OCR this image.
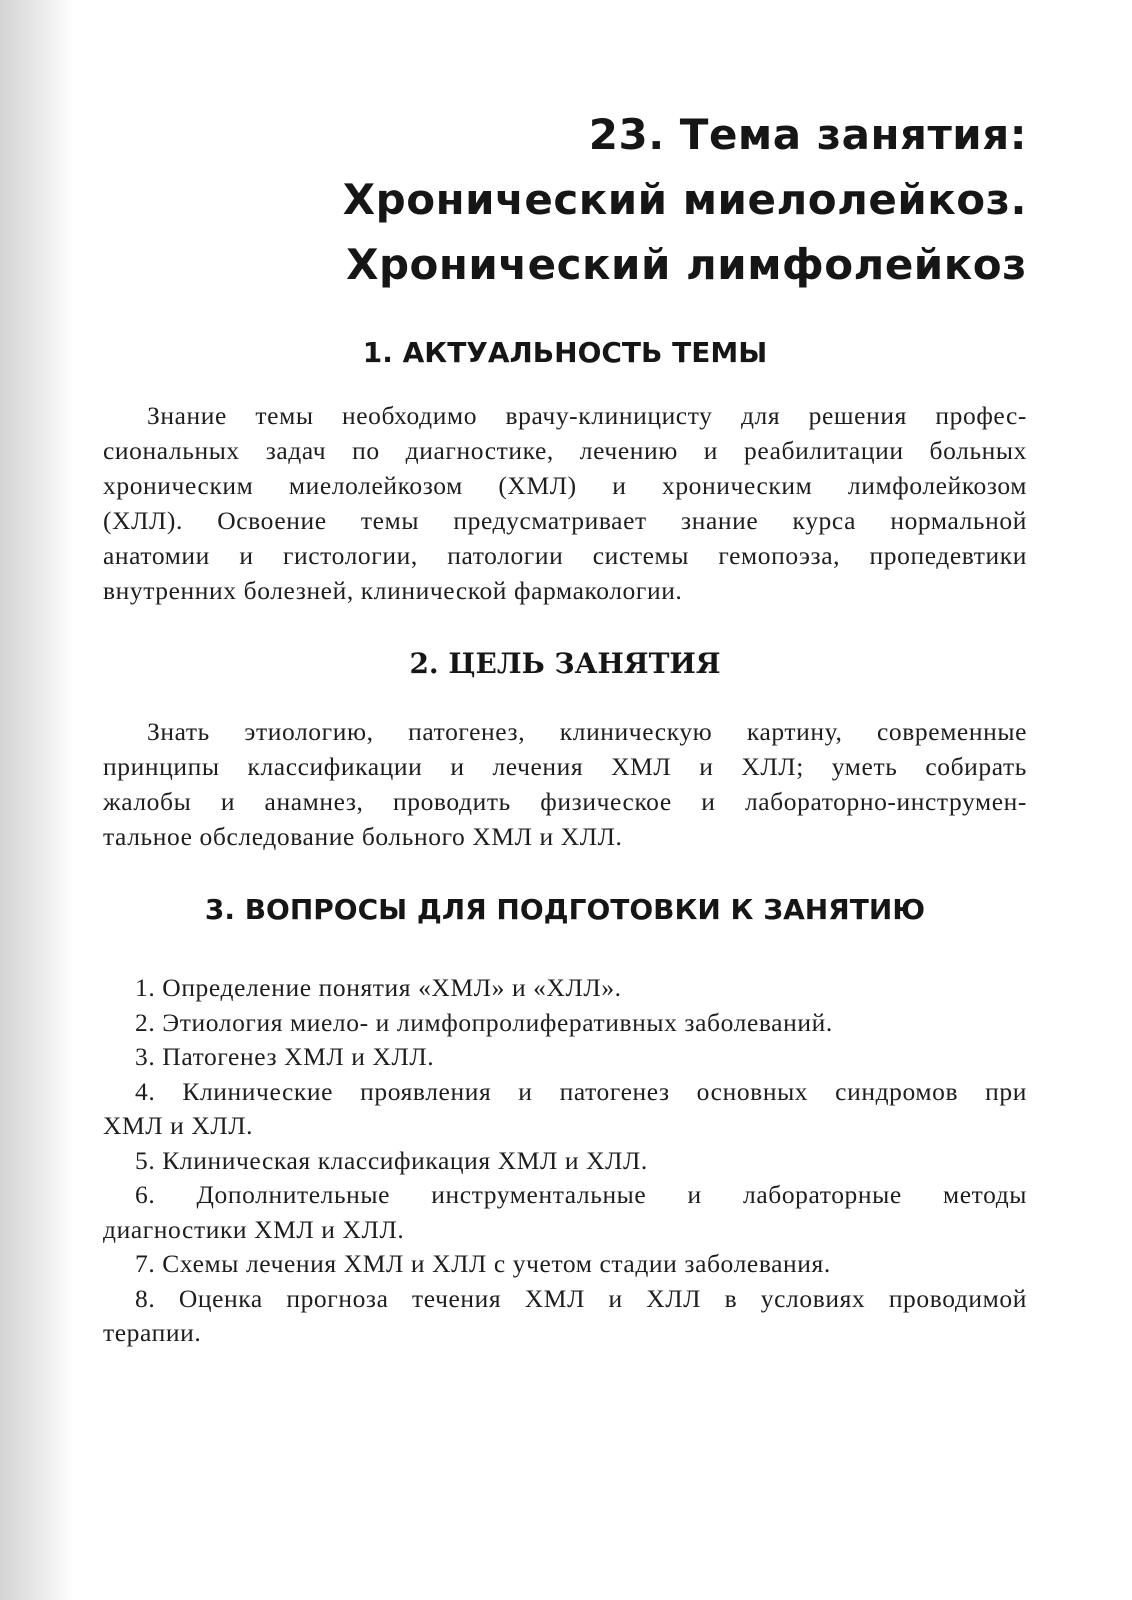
23. Тема занятия:
Хронический миелолейкоз.
Хронический лимфолейкоз
1. АКТУАЛЬНОСТЬ ТЕМЫ
Знание темы необходимо врачу-клиницисту для решения профес-
сиональных задач по диагностике, лечению и реабилитации больных
хроническим миелолейкозом (ХМЛ) и хроническим лимфолейкозом
(ХЛЛ). Освоение темы предусматривает знание курса нормальной
анатомии и гистологии, патологии системы гемопоэза, пропедевтики
внутренних болезней, клинической фармакологии.
2. ЦЕЛЬ ЗАНЯТИЯ
Знать этиологию, патогенез, клиническую картину, современные
принципы классификации и лечения ХМЛ и ХЛЛ; уметь собирать
жалобы и анамнез, проводить физическое и лабораторно-инструмен-
тальное обследование больного ХМЛ и ХЛЛ.
3. ВОПРОСЫ ДЛЯ ПОДГОТОВКИ К ЗАНЯТИЮ
1. Определение понятия «ХМЛ» и «ХЛЛ».
2. Этиология миело- и лимфопролиферативных заболеваний.
3. Патогенез ХМЛ и ХЛЛ.
4. Клинические проявления и патогенез основных синдромов при
ХМЛ и ХЛЛ.
5. Клиническая классификация ХМЛ и ХЛЛ.
6. Дополнительные инструментальные и лабораторные методы
диагностики ХМЛ и ХЛЛ.
7. Схемы лечения ХМЛ и ХЛЛ с учетом стадии заболевания.
8. Оценка прогноза течения ХМЛ и ХЛЛ в условиях проводимой
терапии.
